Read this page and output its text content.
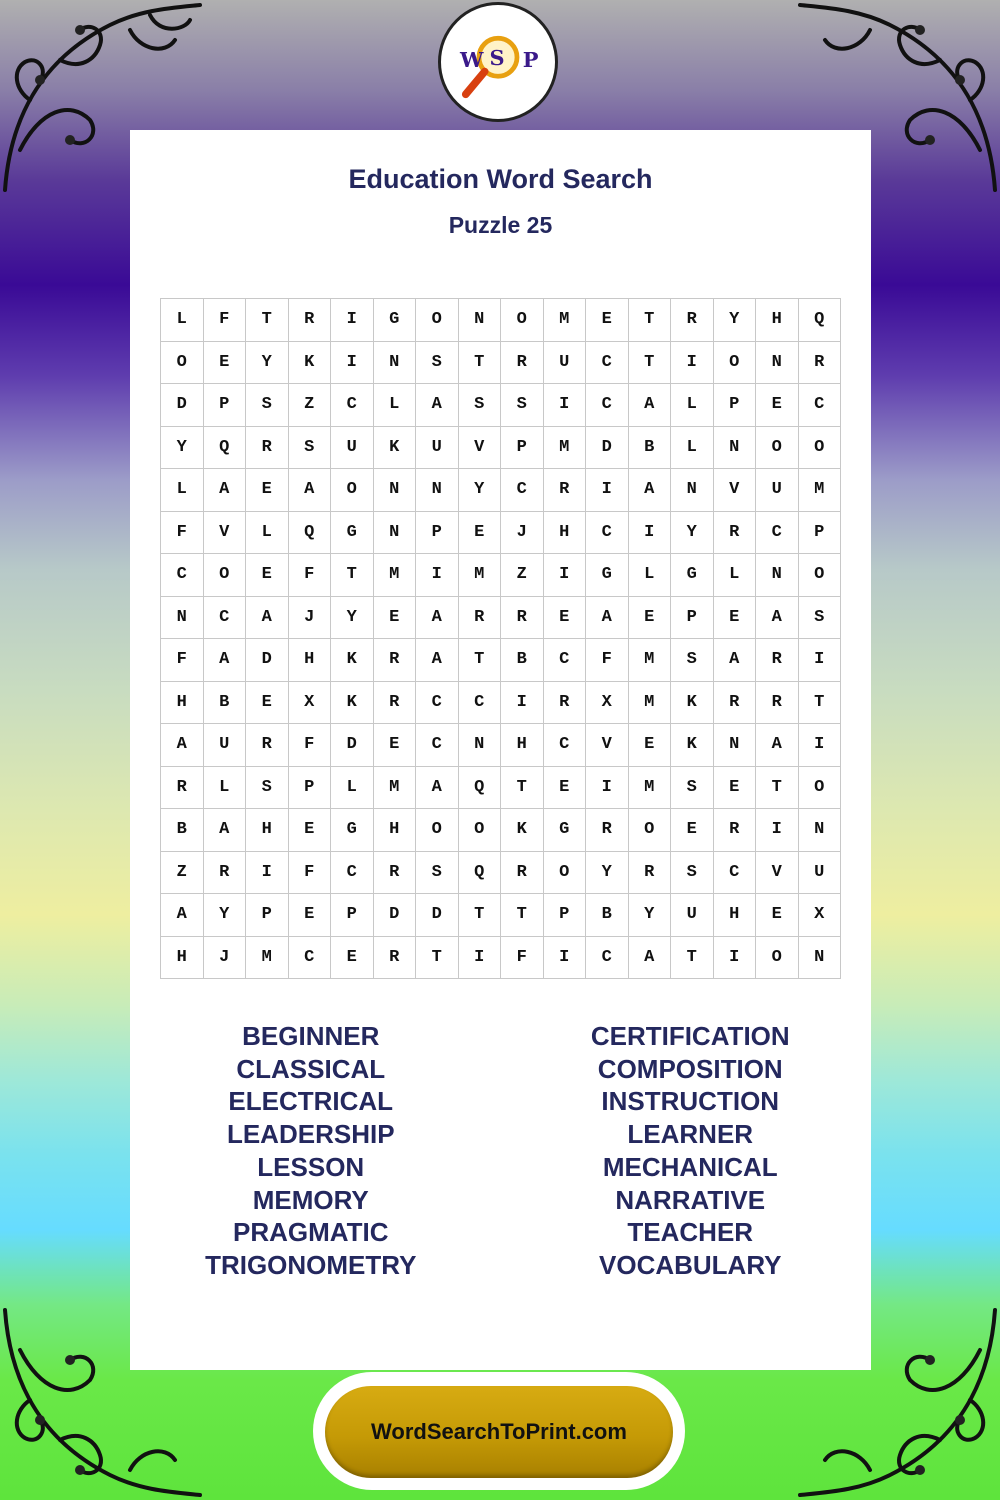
W S P
Education Word Search
Puzzle 25
L	F	T	R	I	G	O	N	O	M	E	T	R	Y	H	Q
O	E	Y	K	I	N	S	T	R	U	C	T	I	O	N	R
D	P	S	Z	C	L	A	S	S	I	C	A	L	P	E	C
Y	Q	R	S	U	K	U	V	P	M	D	B	L	N	O	O
L	A	E	A	O	N	N	Y	C	R	I	A	N	V	U	M
F	V	L	Q	G	N	P	E	J	H	C	I	Y	R	C	P
C	O	E	F	T	M	I	M	Z	I	G	L	G	L	N	O
N	C	A	J	Y	E	A	R	R	E	A	E	P	E	A	S
F	A	D	H	K	R	A	T	B	C	F	M	S	A	R	I
H	B	E	X	K	R	C	C	I	R	X	M	K	R	R	T
A	U	R	F	D	E	C	N	H	C	V	E	K	N	A	I
R	L	S	P	L	M	A	Q	T	E	I	M	S	E	T	O
B	A	H	E	G	H	O	O	K	G	R	O	E	R	I	N
Z	R	I	F	C	R	S	Q	R	O	Y	R	S	C	V	U
A	Y	P	E	P	D	D	T	T	P	B	Y	U	H	E	X
H	J	M	C	E	R	T	I	F	I	C	A	T	I	O	N
BEGINNER
CLASSICAL
ELECTRICAL
LEADERSHIP
LESSON
MEMORY
PRAGMATIC
TRIGONOMETRY
CERTIFICATION
COMPOSITION
INSTRUCTION
LEARNER
MECHANICAL
NARRATIVE
TEACHER
VOCABULARY
WordSearchToPrint.com
